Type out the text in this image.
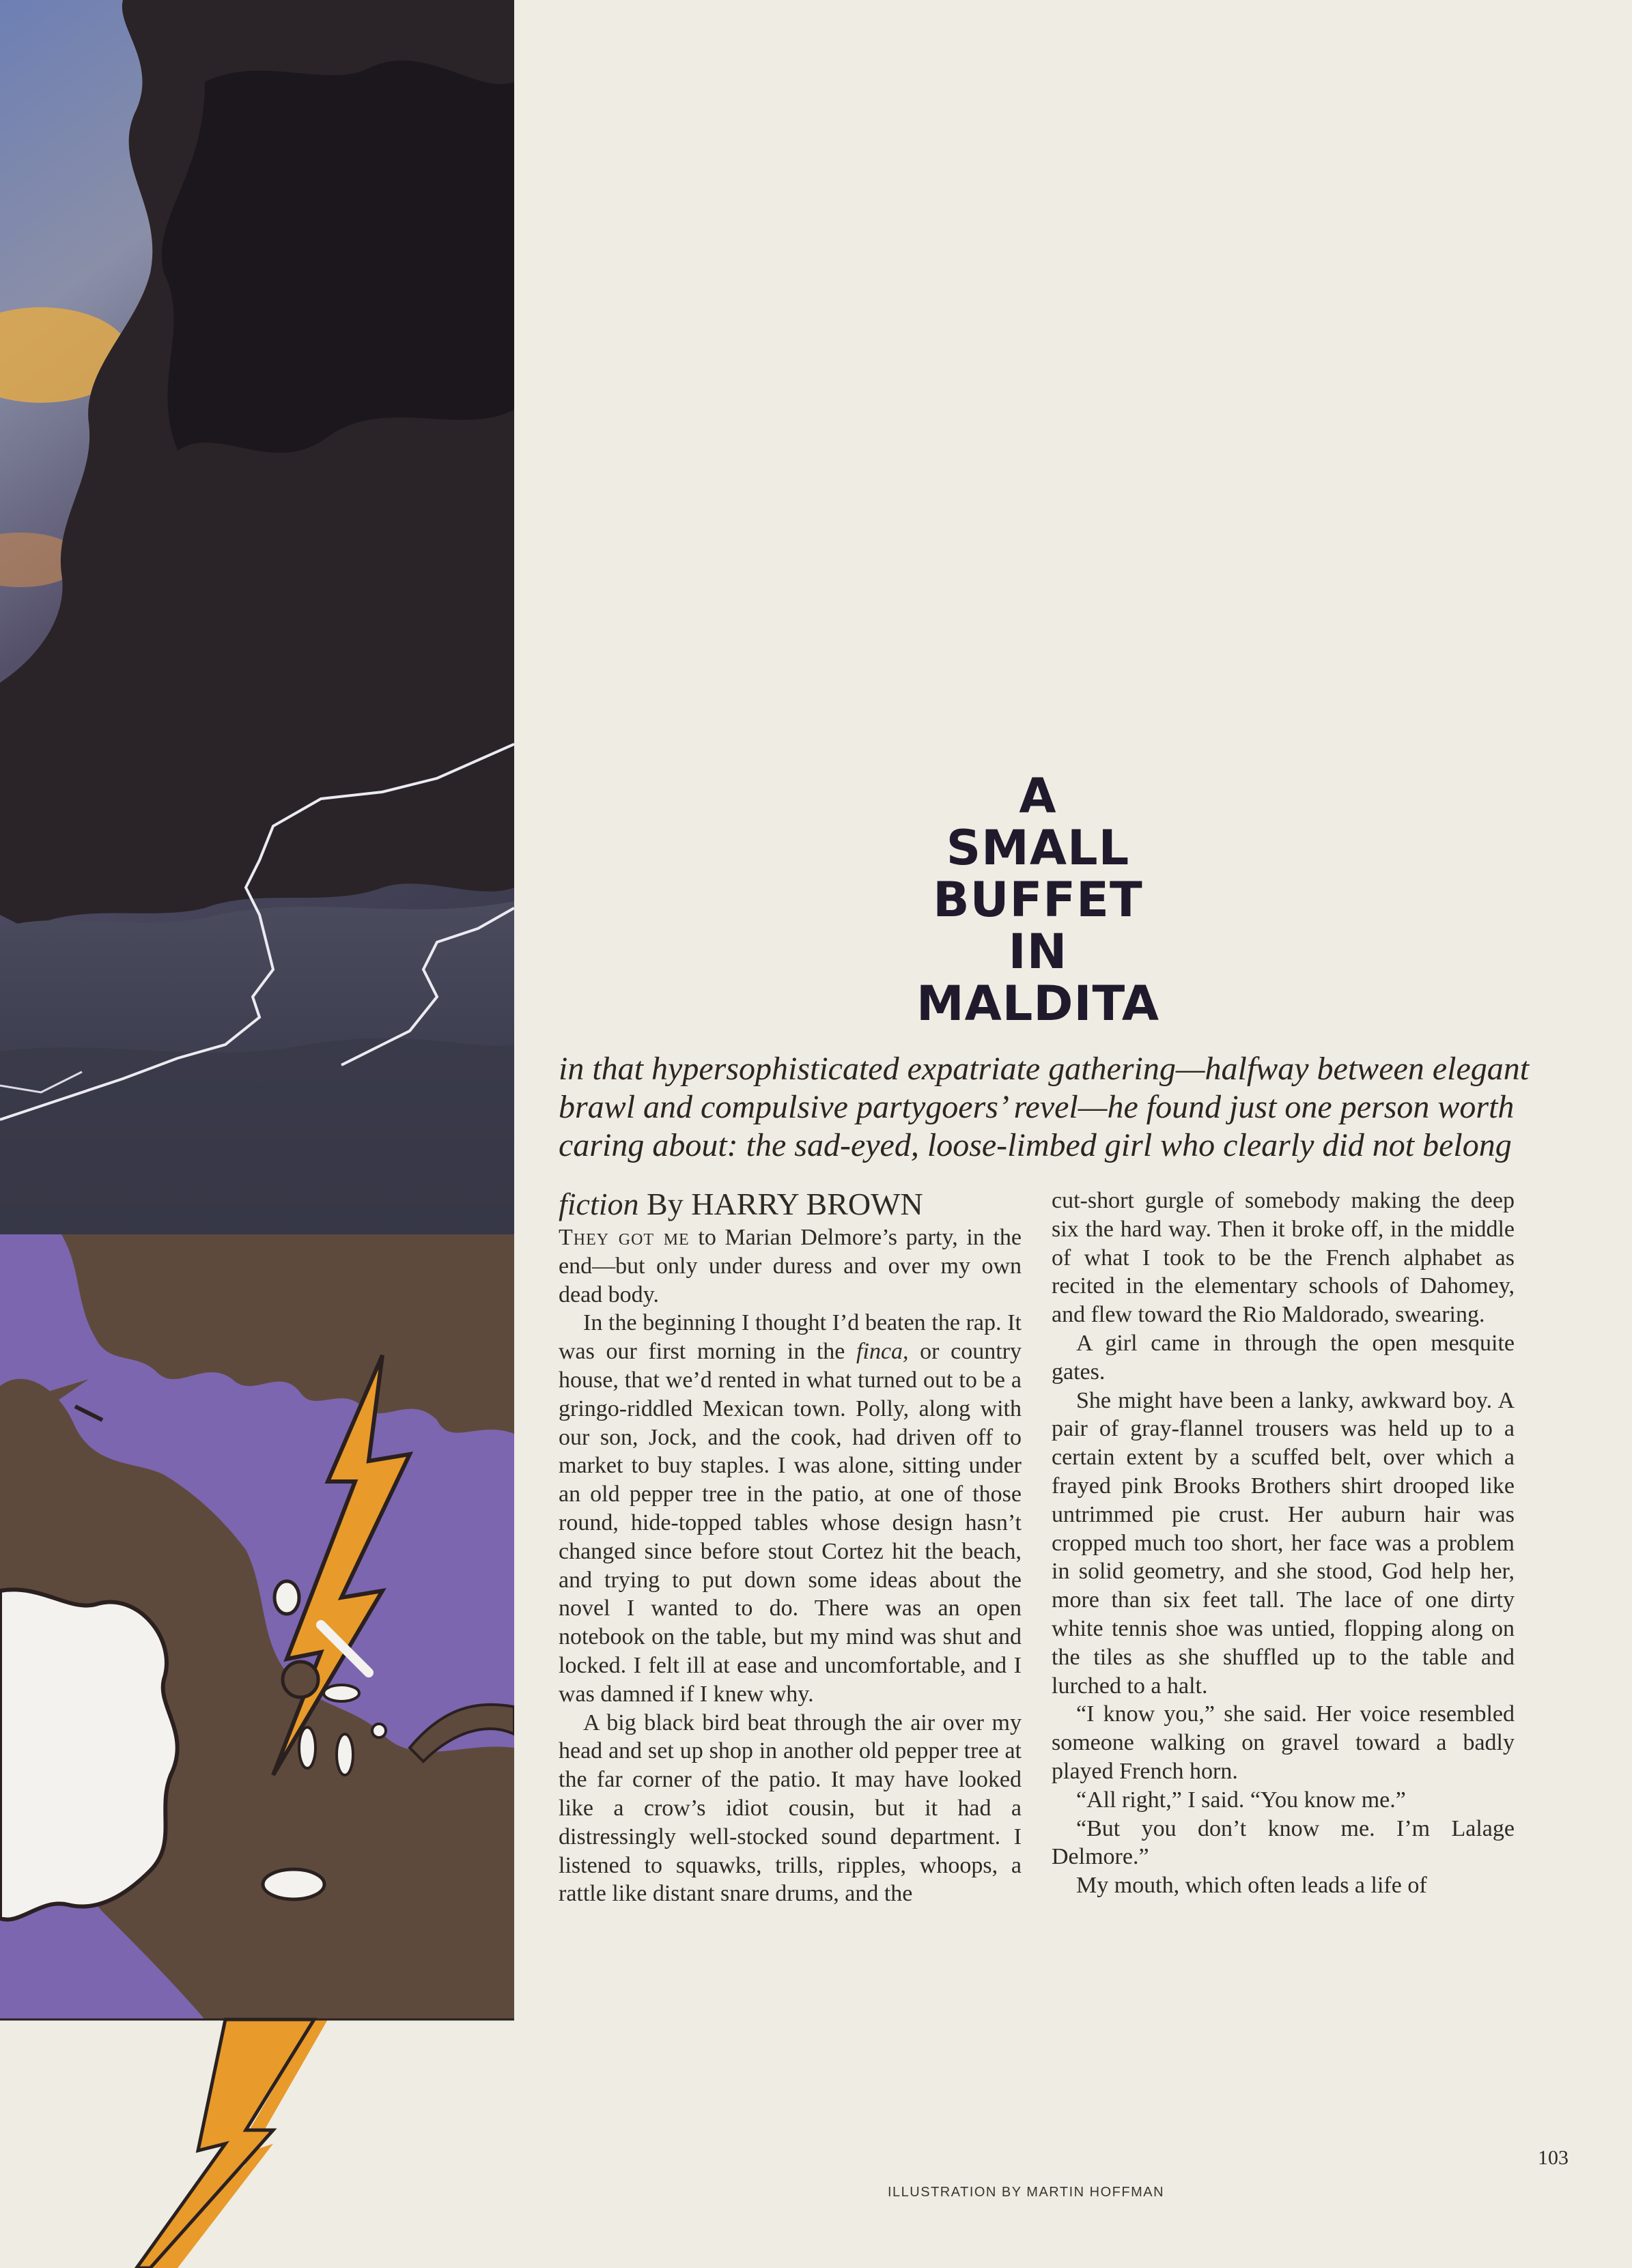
A
SMALL
BUFFET
IN
MALDITA
in that hypersophisticated expatriate gathering—halfway between elegant
brawl and compulsive partygoers’ revel—he found just one person worth
caring about: the sad-eyed, loose-limbed girl who clearly did not belong
fiction By HARRY BROWN

They got me to Marian Delmore’s party, in the end—but only under duress and over my own dead body.

In the beginning I thought I’d beaten the rap. It was our first morning in the finca, or country house, that we’d rented in what turned out to be a gringo-riddled Mexican town. Polly, along with our son, Jock, and the cook, had driven off to market to buy staples. I was alone, sitting under an old pepper tree in the patio, at one of those round, hide-topped tables whose design hasn’t changed since before stout Cortez hit the beach, and trying to put down some ideas about the novel I wanted to do. There was an open notebook on the table, but my mind was shut and locked. I felt ill at ease and uncomfortable, and I was damned if I knew why.

A big black bird beat through the air over my head and set up shop in another old pepper tree at the far corner of the patio. It may have looked like a crow’s idiot cousin, but it had a distressingly well-stocked sound department. I listened to squawks, trills, ripples, whoops, a rattle like distant snare drums, and the

cut-short gurgle of somebody making the deep six the hard way. Then it broke off, in the middle of what I took to be the French alphabet as recited in the elementary schools of Dahomey, and flew toward the Rio Maldorado, swearing.

A girl came in through the open mesquite gates.

She might have been a lanky, awkward boy. A pair of gray-flannel trousers was held up to a certain extent by a scuffed belt, over which a frayed pink Brooks Brothers shirt drooped like untrimmed pie crust. Her auburn hair was cropped much too short, her face was a problem in solid geometry, and she stood, God help her, more than six feet tall. The lace of one dirty white tennis shoe was untied, flopping along on the tiles as she shuffled up to the table and lurched to a halt.

“I know you,” she said. Her voice resembled someone walking on gravel toward a badly played French horn.

“All right,” I said. “You know me.”

“But you don’t know me. I’m Lalage Delmore.”

My mouth, which often leads a life of

103
ILLUSTRATION BY MARTIN HOFFMAN
